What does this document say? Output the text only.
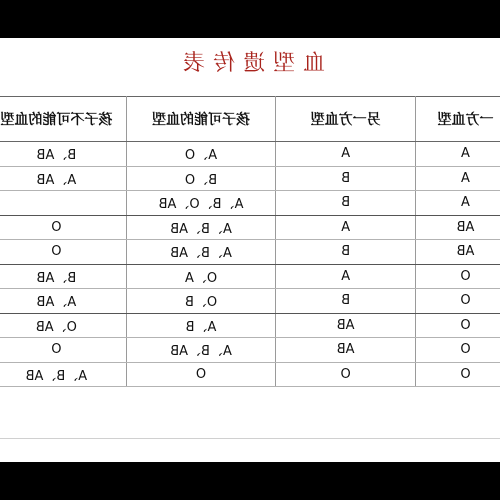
血型遗传表
一方血型	另一方血型	孩子可能的血型	孩子不可能的血型
A	A	A、O	B、AB
A	B	B、O	A、AB
A	B	A、B、O、AB	
AB	A	A、B、AB	O
AB	B	A、B、AB	O
O	A	O、A	B、AB
O	B	O、B	A、AB
O	AB	A、B	O、AB
O	AB	A、B、AB	O
O	O	O	A、B、AB
